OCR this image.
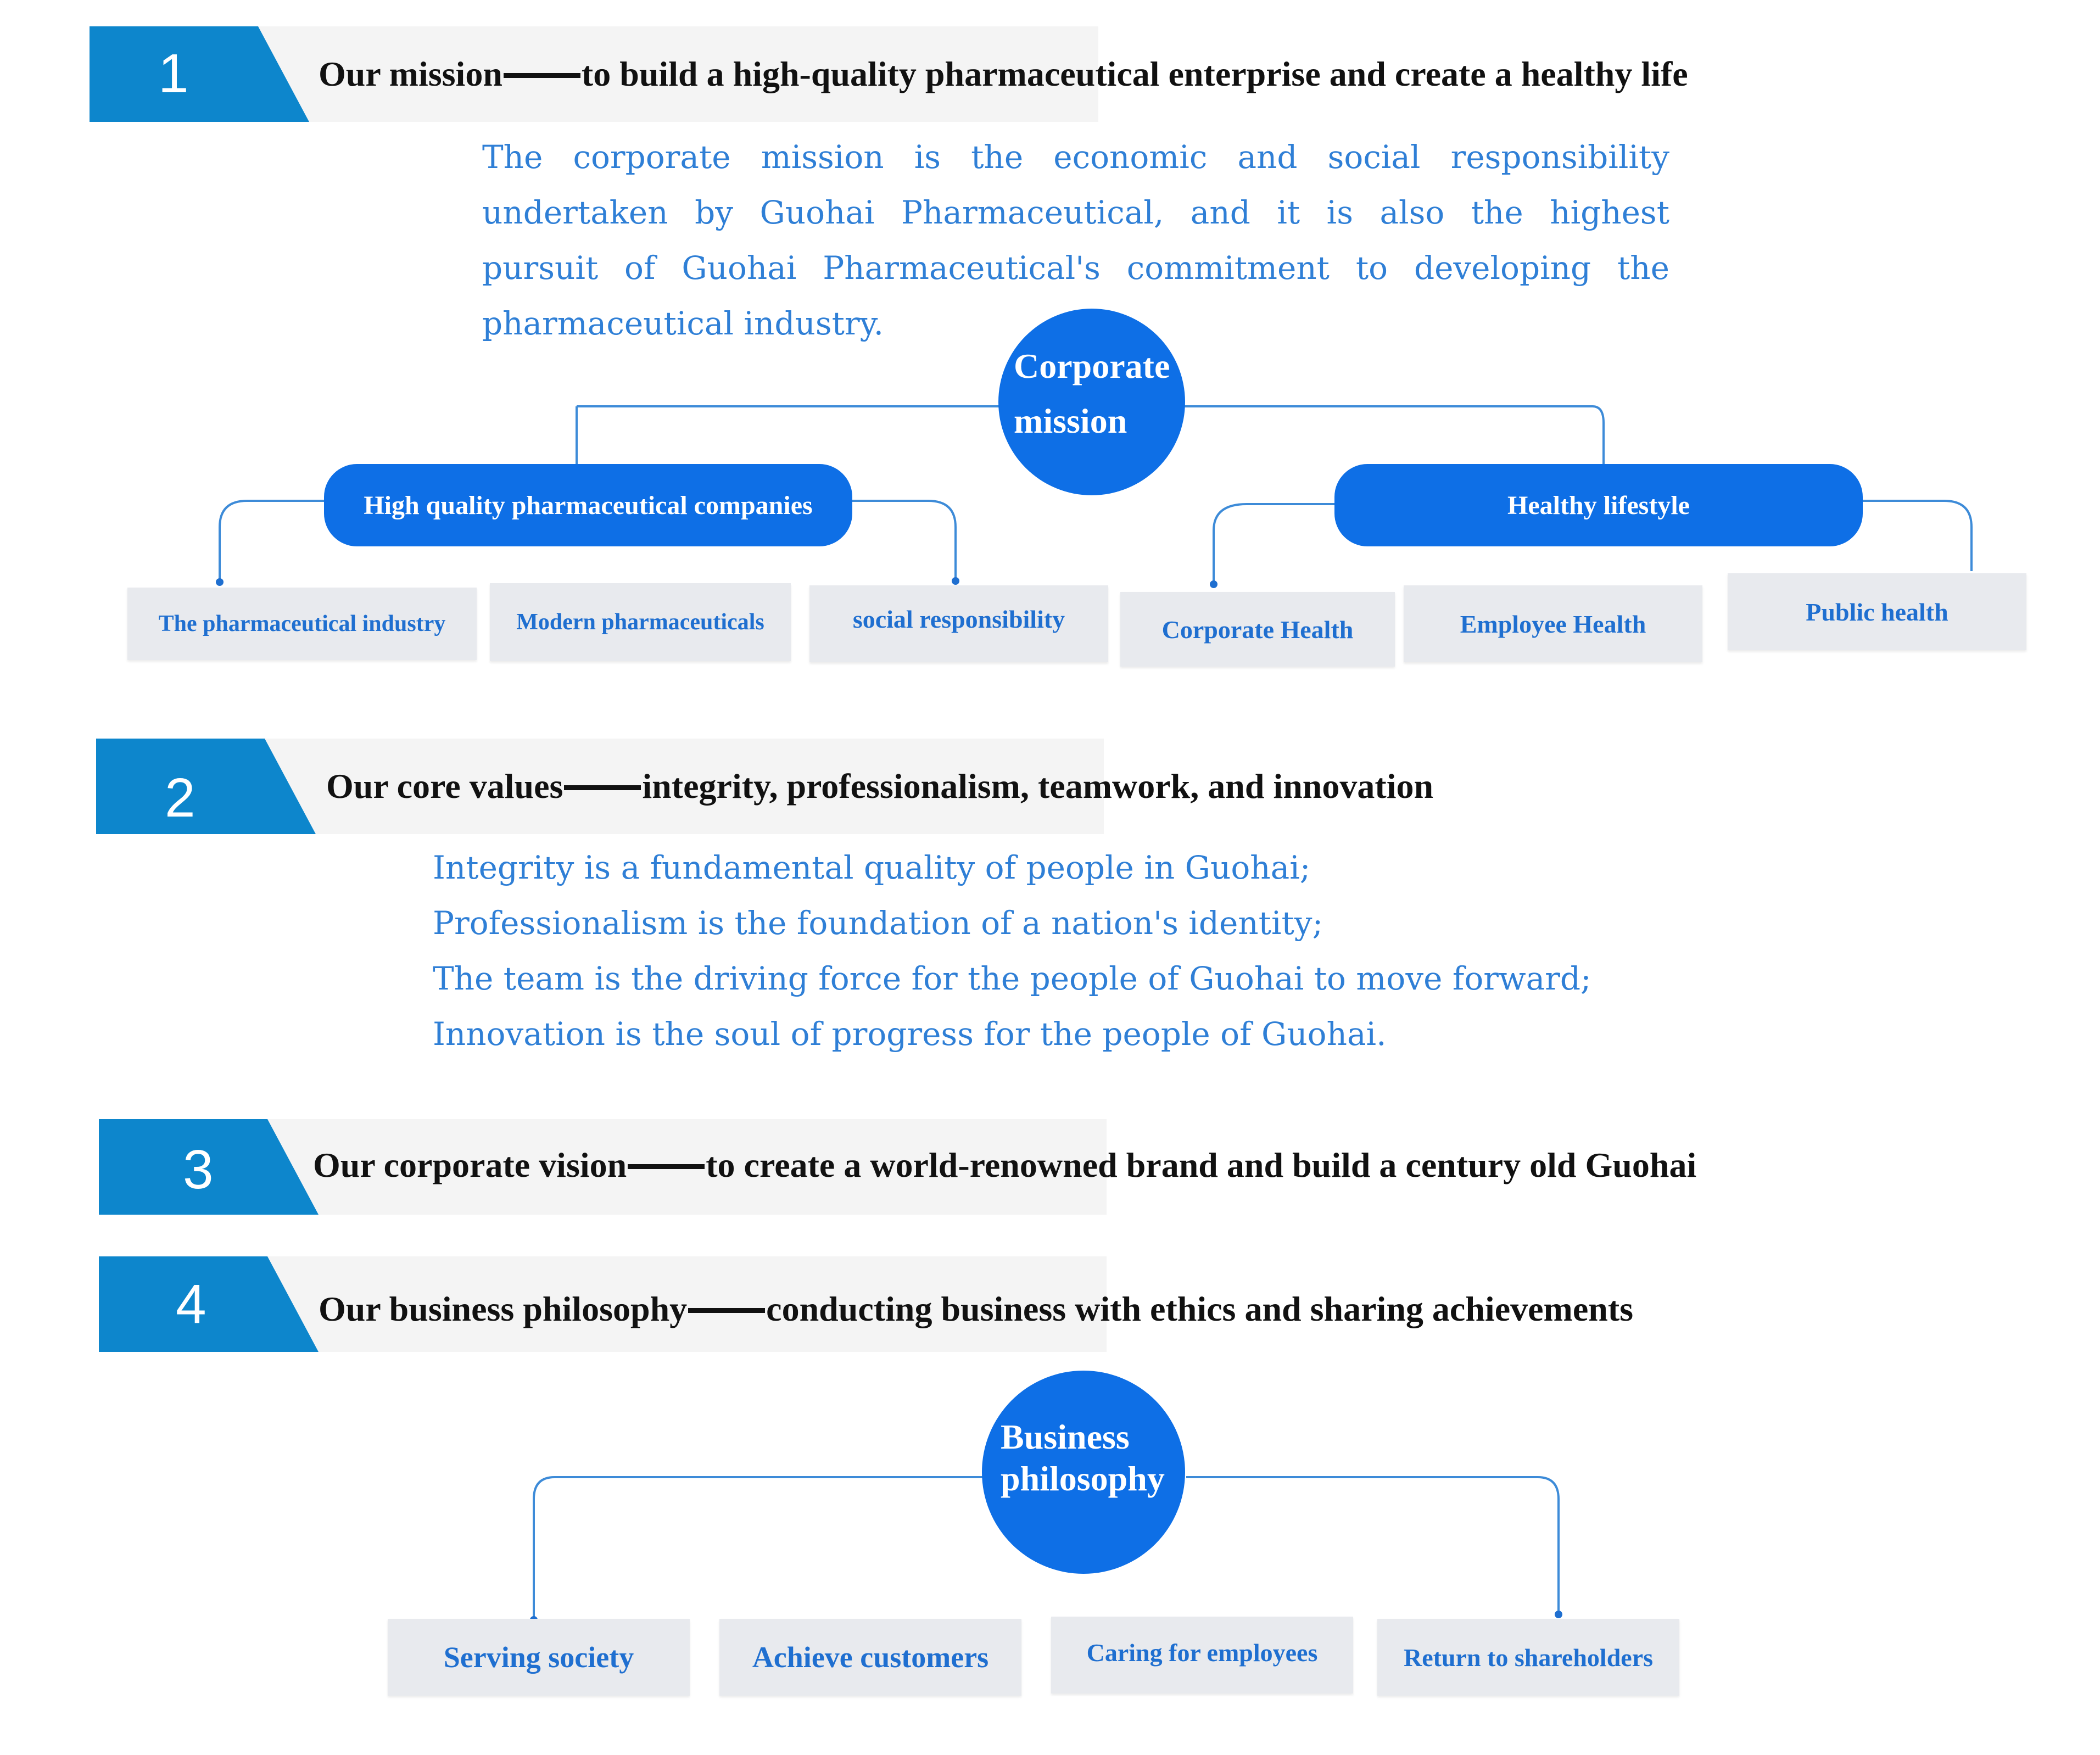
1	Our mission to build a high-quality pharmaceutical enterprise and create a healthy life
The corporate mission is the economic and social responsibility
undertaken by Guohai Pharmaceutical, and it is also the highest
pursuit of Guohai Pharmaceutical's commitment to developing the
pharmaceutical industry.
Corporate
mission
High quality pharmaceutical companies	Healthy lifestyle
The pharmaceutical industry	Modern pharmaceuticals	social responsibility	Corporate Health	Employee Health	Public health
2	Our core values integrity, professionalism, teamwork, and innovation
Integrity is a fundamental quality of people in Guohai;
Professionalism is the foundation of a nation's identity;
The team is the driving force for the people of Guohai to move forward;
Innovation is the soul of progress for the people of Guohai.
3	Our corporate vision to create a world-renowned brand and build a century old Guohai
4	Our business philosophy conducting business with ethics and sharing achievements
Business
philosophy
Serving society	Achieve customers	Caring for employees	Return to shareholders
